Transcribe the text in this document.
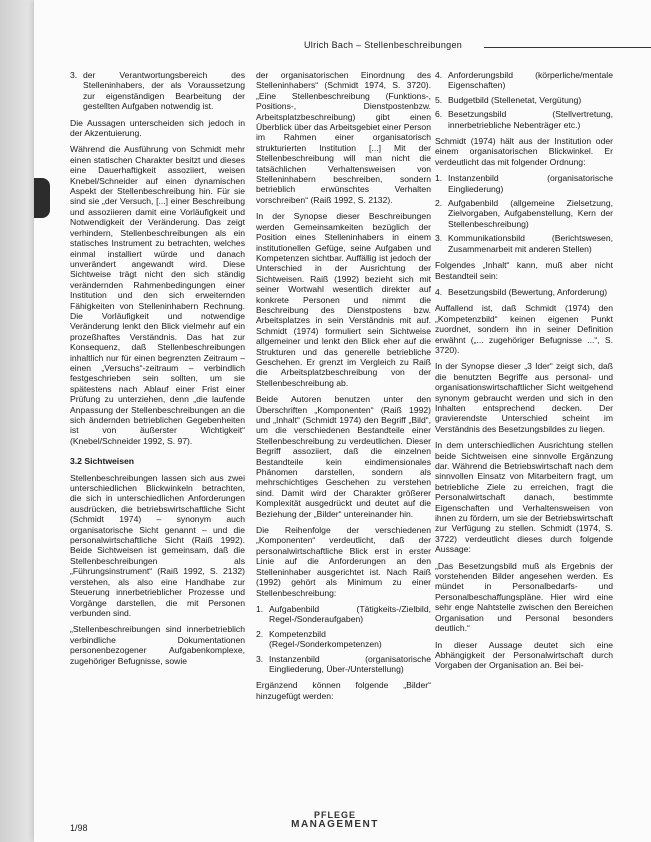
Ulrich Bach – Stellenbeschreibungen
3. der Verantwortungsbereich des Stelleninhabers, der als Voraussetzung zur eigenständigen Bearbeitung der gestellten Aufgaben notwendig ist.

Die Aussagen unterscheiden sich jedoch in der Akzentuierung.

Während die Ausführung von Schmidt mehr einen statischen Charakter besitzt und dieses eine Dauerhaftigkeit assoziiert, weisen Knebel/Schneider auf einen dynamischen Aspekt der Stellenbeschreibung hin. Für sie sind sie „der Versuch, [...] einer Beschreibung und assoziieren damit eine Vorläufigkeit und Notwendigkeit der Veränderung. Das zeigt verhindern, Stellenbeschreibungen als ein statisches Instrument zu betrachten, welches einmal installiert würde und danach unverändert angewandt wird. Diese Sichtweise trägt nicht den sich ständig verändernden Rahmenbedingungen einer Institution und den sich erweiternden Fähigkeiten von Stelleninhabern Rechnung. Die Vorläufigkeit und notwendige Veränderung lenkt den Blick vielmehr auf ein prozeßhaftes Verständnis. Das hat zur Konsequenz, daß Stellenbeschreibungen inhaltlich nur für einen begrenzten Zeitraum – einen „Versuchs“-zeitraum – verbindlich festgeschrieben sein sollten, um sie spätestens nach Ablauf einer Frist einer Prüfung zu unterziehen, denn „die laufende Anpassung der Stellenbeschreibungen an die sich ändernden betrieblichen Gegebenheiten ist von äußerster Wichtigkeit“ (Knebel/Schneider 1992, S. 97).

3.2 Sichtweisen

Stellenbeschreibungen lassen sich aus zwei unterschiedlichen Blickwinkeln betrachten, die sich in unterschiedlichen Anforderungen ausdrücken, die betriebswirtschaftliche Sicht (Schmidt 1974) – synonym auch organisatorische Sicht genannt – und die personalwirtschaftliche Sicht (Raiß 1992). Beide Sichtweisen ist gemeinsam, daß die Stellenbeschreibungen als „Führungsinstrument“ (Raiß 1992, S. 2132) verstehen, als also eine Handhabe zur Steuerung innerbetrieblicher Prozesse und Vorgänge darstellen, die mit Personen verbunden sind.

„Stellenbeschreibungen sind innerbetrieblich verbindliche Dokumentationen personenbezogener Aufgabenkomplexe, zugehöriger Befugnisse, sowie

der organisatorischen Einordnung des Stelleninhabers“ (Schmidt 1974, S. 3720). „Eine Stellenbeschreibung (Funktions-, Positions-, Dienstpostenbzw. Arbeitsplatzbeschreibung) gibt einen Überblick über das Arbeitsgebiet einer Person im Rahmen einer organisatorisch strukturierten Institution [...] Mit der Stellenbeschreibung will man nicht die tatsächlichen Verhaltensweisen von Stelleninhabern beschreiben, sondern betrieblich erwünschtes Verhalten vorschreiben“ (Raiß 1992, S. 2132).

In der Synopse dieser Beschreibungen werden Gemeinsamkeiten bezüglich der Position eines Stelleninhabers in einem institutionellen Gefüge, seine Aufgaben und Kompetenzen sichtbar. Auffällig ist jedoch der Unterschied in der Ausrichtung der Sichtweisen. Raiß (1992) bezieht sich mit seiner Wortwahl wesentlich direkter auf konkrete Personen und nimmt die Beschreibung des Dienstpostens bzw. Arbeitsplatzes in sein Verständnis mit auf. Schmidt (1974) formuliert sein Sichtweise allgemeiner und lenkt den Blick eher auf die Strukturen und das generelle betriebliche Geschehen. Er grenzt im Vergleich zu Raiß die Arbeitsplatzbeschreibung von der Stellenbeschreibung ab.

Beide Autoren benutzen unter den Überschriften „Komponenten“ (Raiß 1992) und „Inhalt“ (Schmidt 1974) den Begriff „Bild“, um die verschiedenen Bestandteile einer Stellenbeschreibung zu verdeutlichen. Dieser Begriff assoziiert, daß die einzelnen Bestandteile kein eindimensionales Phänomen darstellen, sondern als mehrschichtiges Geschehen zu verstehen sind. Damit wird der Charakter größerer Komplexität ausgedrückt und deutet auf die Beziehung der „Bilder“ untereinander hin.

Die Reihenfolge der verschiedenen „Komponenten“ verdeutlicht, daß der personalwirtschaftliche Blick erst in erster Linie auf die Anforderungen an den Stelleninhaber ausgerichtet ist. Nach Raiß (1992) gehört als Minimum zu einer Stellenbeschreibung:

1. Aufgabenbild (Tätigkeits-/Zielbild, Regel-/Sonderaufgaben)
2. Kompetenzbild (Regel-/Sonderkompetenzen)
3. Instanzenbild (organisatorische Eingliederung, Über-/Unterstellung)

Ergänzend können folgende „Bilder“ hinzugefügt werden:

4. Anforderungsbild (körperliche/mentale Eigenschaften)
5. Budgetbild (Stellenetat, Vergütung)
6. Besetzungsbild (Stellvertretung, innerbetriebliche Nebenträger etc.)

Schmidt (1974) hält aus der Institution oder einem organisatorischen Blickwinkel. Er verdeutlicht das mit folgender Ordnung:

1. Instanzenbild (organisatorische Eingliederung)
2. Aufgabenbild (allgemeine Zielsetzung, Zielvorgaben, Aufgabenstellung, Kern der Stellenbeschreibung)
3. Kommunikationsbild (Berichtswesen, Zusammenarbeit mit anderen Stellen)

Folgendes „Inhalt“ kann, muß aber nicht Bestandteil sein:

4. Besetzungsbild (Bewertung, Anforderung)

Auffallend ist, daß Schmidt (1974) den „Kompetenzbild“ keinen eigenen Punkt zuordnet, sondern ihn in seiner Definition erwähnt („... zugehöriger Befugnisse ...“, S. 3720).

In der Synopse dieser „3 Ider“ zeigt sich, daß die benutzten Begriffe aus personal- und organisationswirtschaftlicher Sicht weitgehend synonym gebraucht werden und sich in den Inhalten entsprechend decken. Der gravierendste Unterschied scheint im Verständnis des Besetzungsbildes zu liegen.

In dem unterschiedlichen Ausrichtung stellen beide Sichtweisen eine sinnvolle Ergänzung dar. Während die Betriebswirtschaft nach dem sinnvollen Einsatz von Mitarbeitern fragt, um betriebliche Ziele zu erreichen, fragt die Personalwirtschaft danach, bestimmte Eigenschaften und Verhaltensweisen von ihnen zu fördern, um sie der Betriebswirtschaft zur Verfügung zu stellen. Schmidt (1974, S. 3722) verdeutlicht dieses durch folgende Aussage:

„Das Besetzungsbild muß als Ergebnis der vorstehenden Bilder angesehen werden. Es mündet in Personalbedarfs- und Personalbeschaffungspläne. Hier wird eine sehr enge Nahtstelle zwischen den Bereichen Organisation und Personal besonders deutlich.“

In dieser Aussage deutet sich eine Abhängigkeit der Personalwirtschaft durch Vorgaben der Organisation an. Bei bei-

1/98
PFLEGE
MANAGEMENT
